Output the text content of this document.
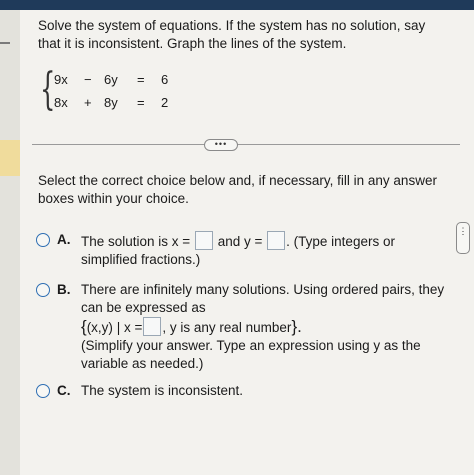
Solve the system of equations. If the system has no solution, say that it is inconsistent. Graph the lines of the system.
{
9x − 6y = 6
8x + 8y = 2
•••
Select the correct choice below and, if necessary, fill in any answer boxes within your choice.
A. The solution is x = and y = . (Type integers or simplified fractions.)
B. There are infinitely many solutions. Using ordered pairs, they can be expressed as
{(x,y) | x = , y is any real number}.
(Simplify your answer. Type an expression using y as the variable as needed.)
C. The system is inconsistent.
⋮
